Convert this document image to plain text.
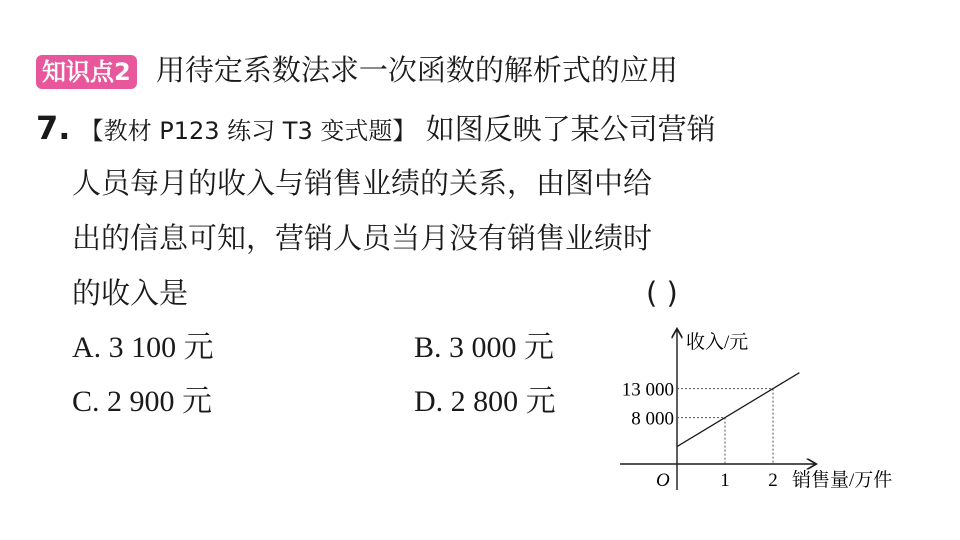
知识点2 用待定系数法求一次函数的解析式的应用
7. 【教材 P123 练习 T3 变式题】 如图反映了某公司营销
人员每月的收入与销售业绩的关系，由图中给
出的信息可知，营销人员当月没有销售业绩时
的收入是	( )
A. 3 100 元	B. 3 000 元
C. 2 900 元	D. 2 800 元
收入/元
销售量/万件
O	1 2
8 000
13 000
